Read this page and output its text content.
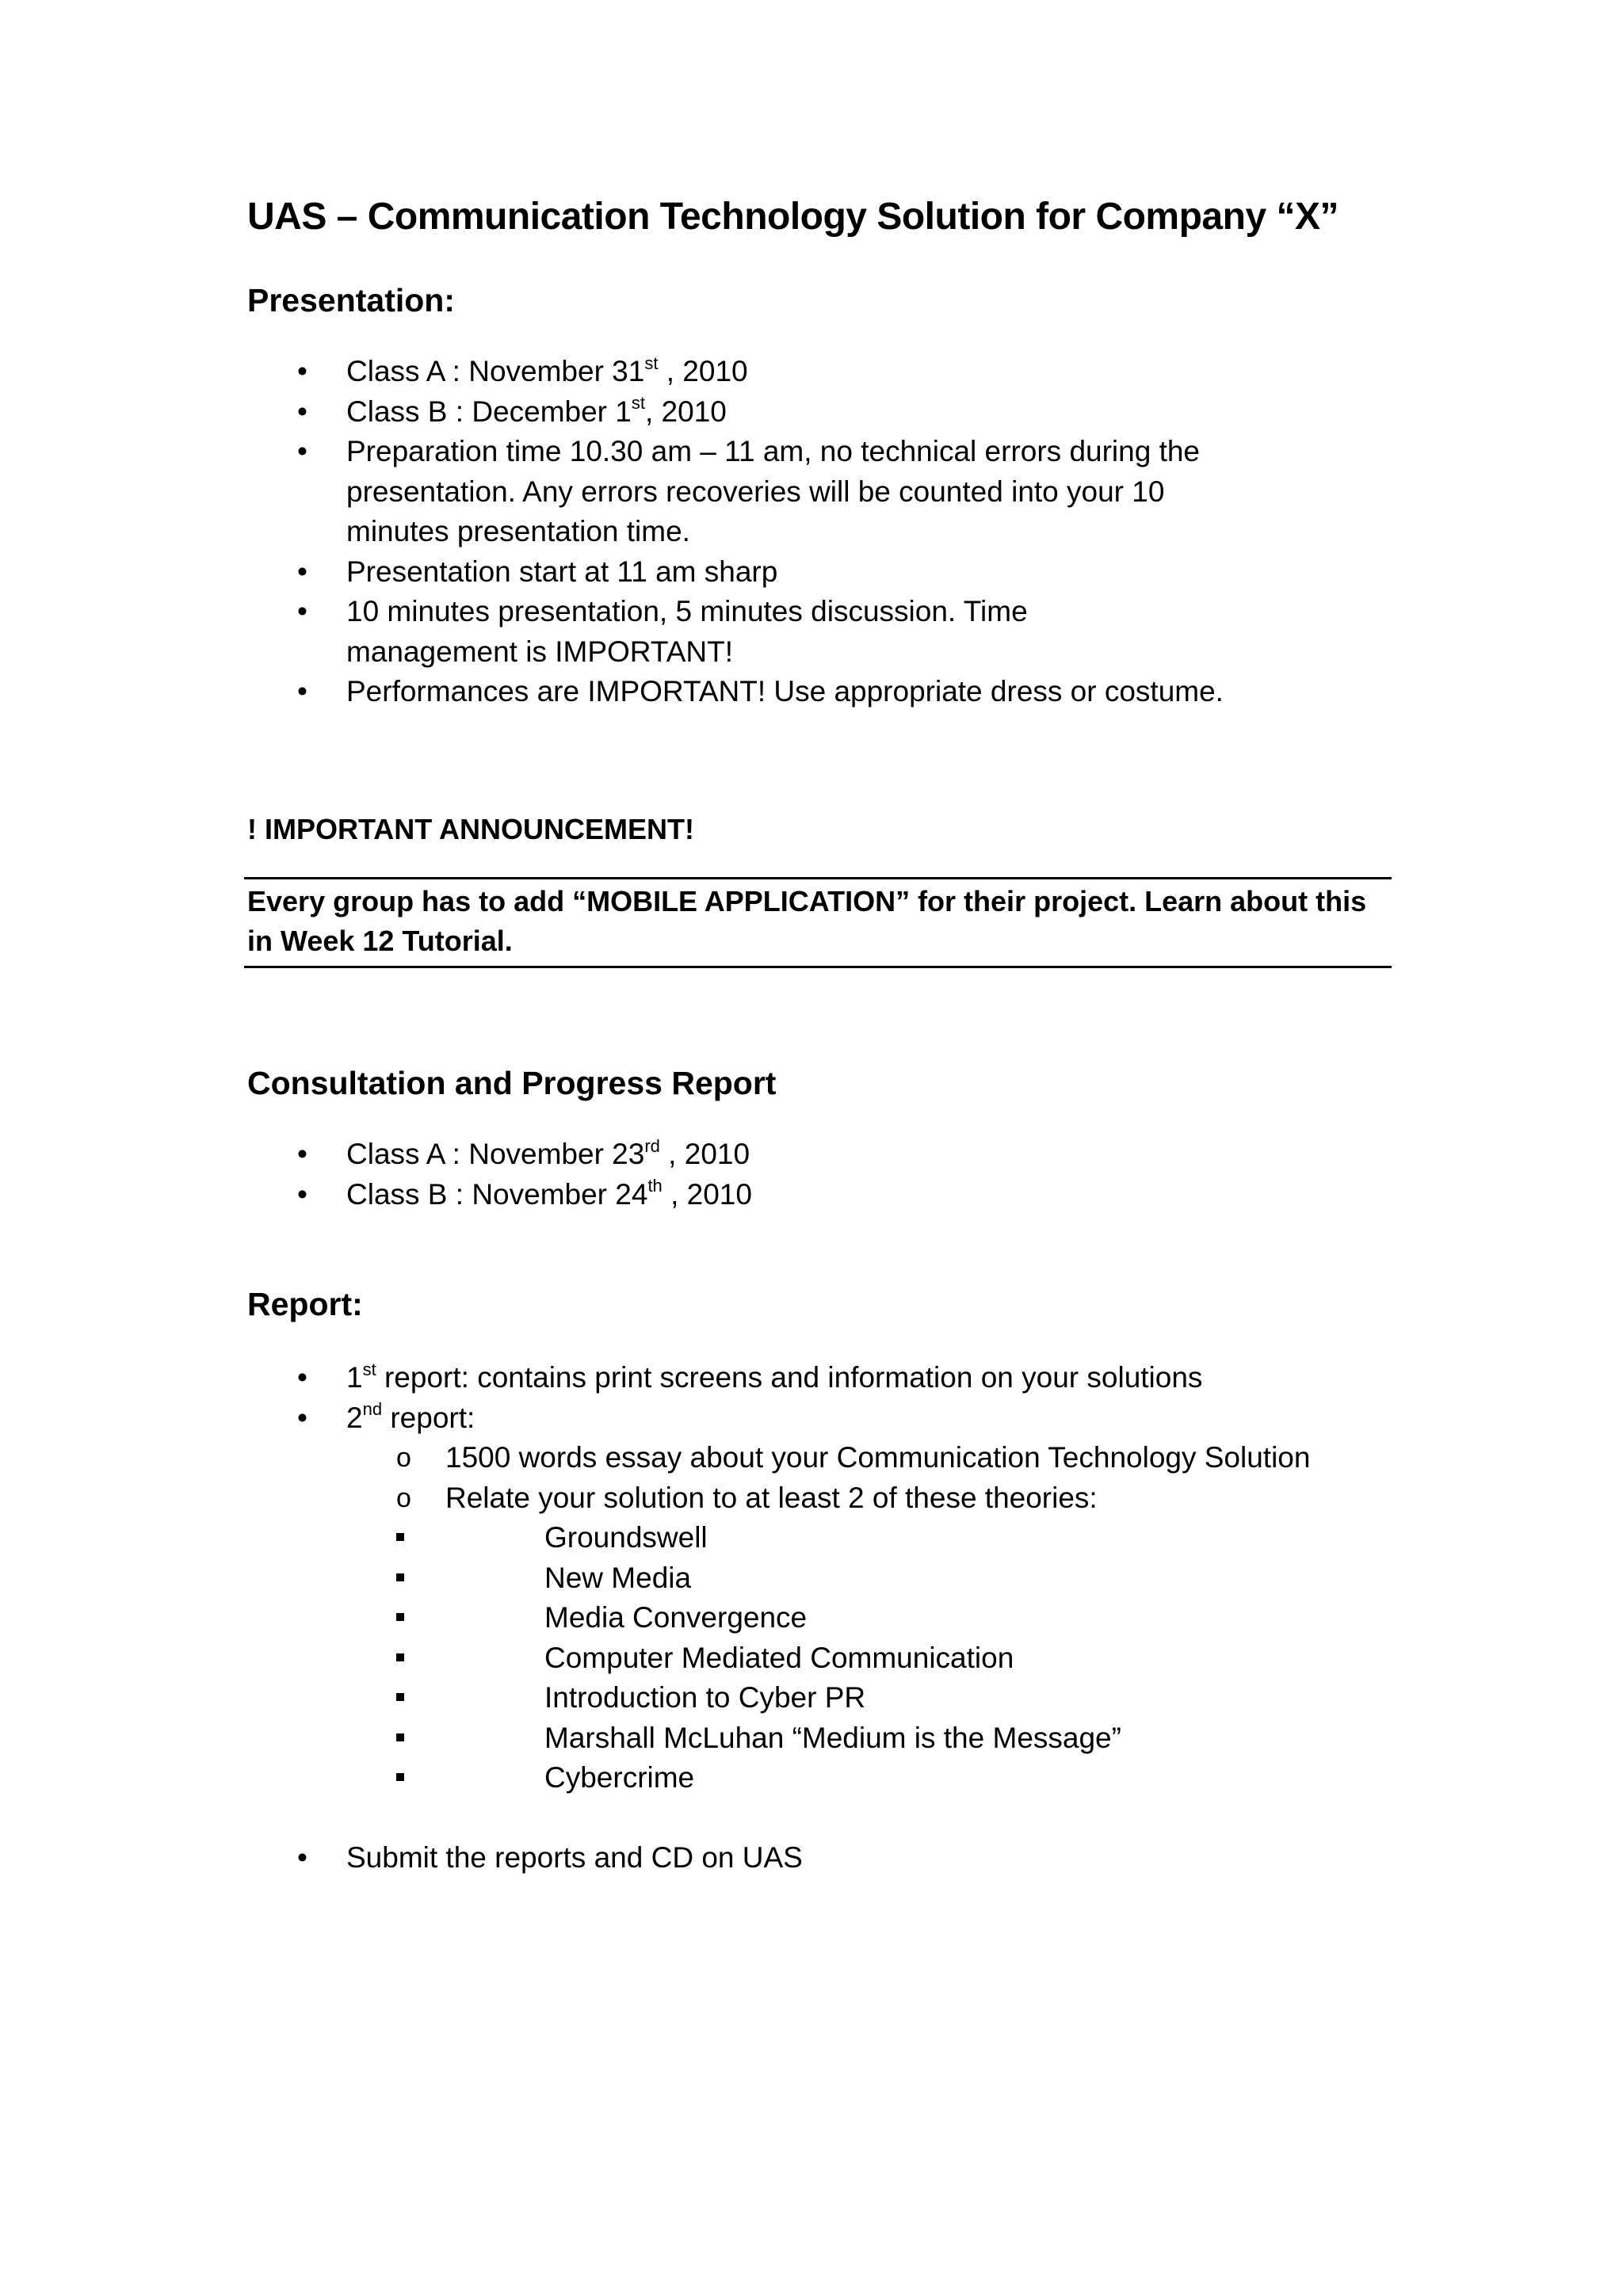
UAS – Communication Technology Solution for Company “X”
Presentation:
• Class A : November 31st , 2010
• Class B : December 1st, 2010
• Preparation time 10.30 am – 11 am, no technical errors during the presentation. Any errors recoveries will be counted into your 10 minutes presentation time.
• Presentation start at 11 am sharp
• 10 minutes presentation, 5 minutes discussion. Time management is IMPORTANT!
• Performances are IMPORTANT! Use appropriate dress or costume.
! IMPORTANT ANNOUNCEMENT!
Every group has to add “MOBILE APPLICATION” for their project. Learn about this in Week 12 Tutorial.
Consultation and Progress Report
• Class A : November 23rd , 2010
• Class B : November 24th , 2010
Report:
• 1st report: contains print screens and information on your solutions
• 2nd report:
o 1500 words essay about your Communication Technology Solution
o Relate your solution to at least 2 of these theories:
Groundswell
New Media
Media Convergence
Computer Mediated Communication
Introduction to Cyber PR
Marshall McLuhan “Medium is the Message”
Cybercrime
• Submit the reports and CD on UAS
